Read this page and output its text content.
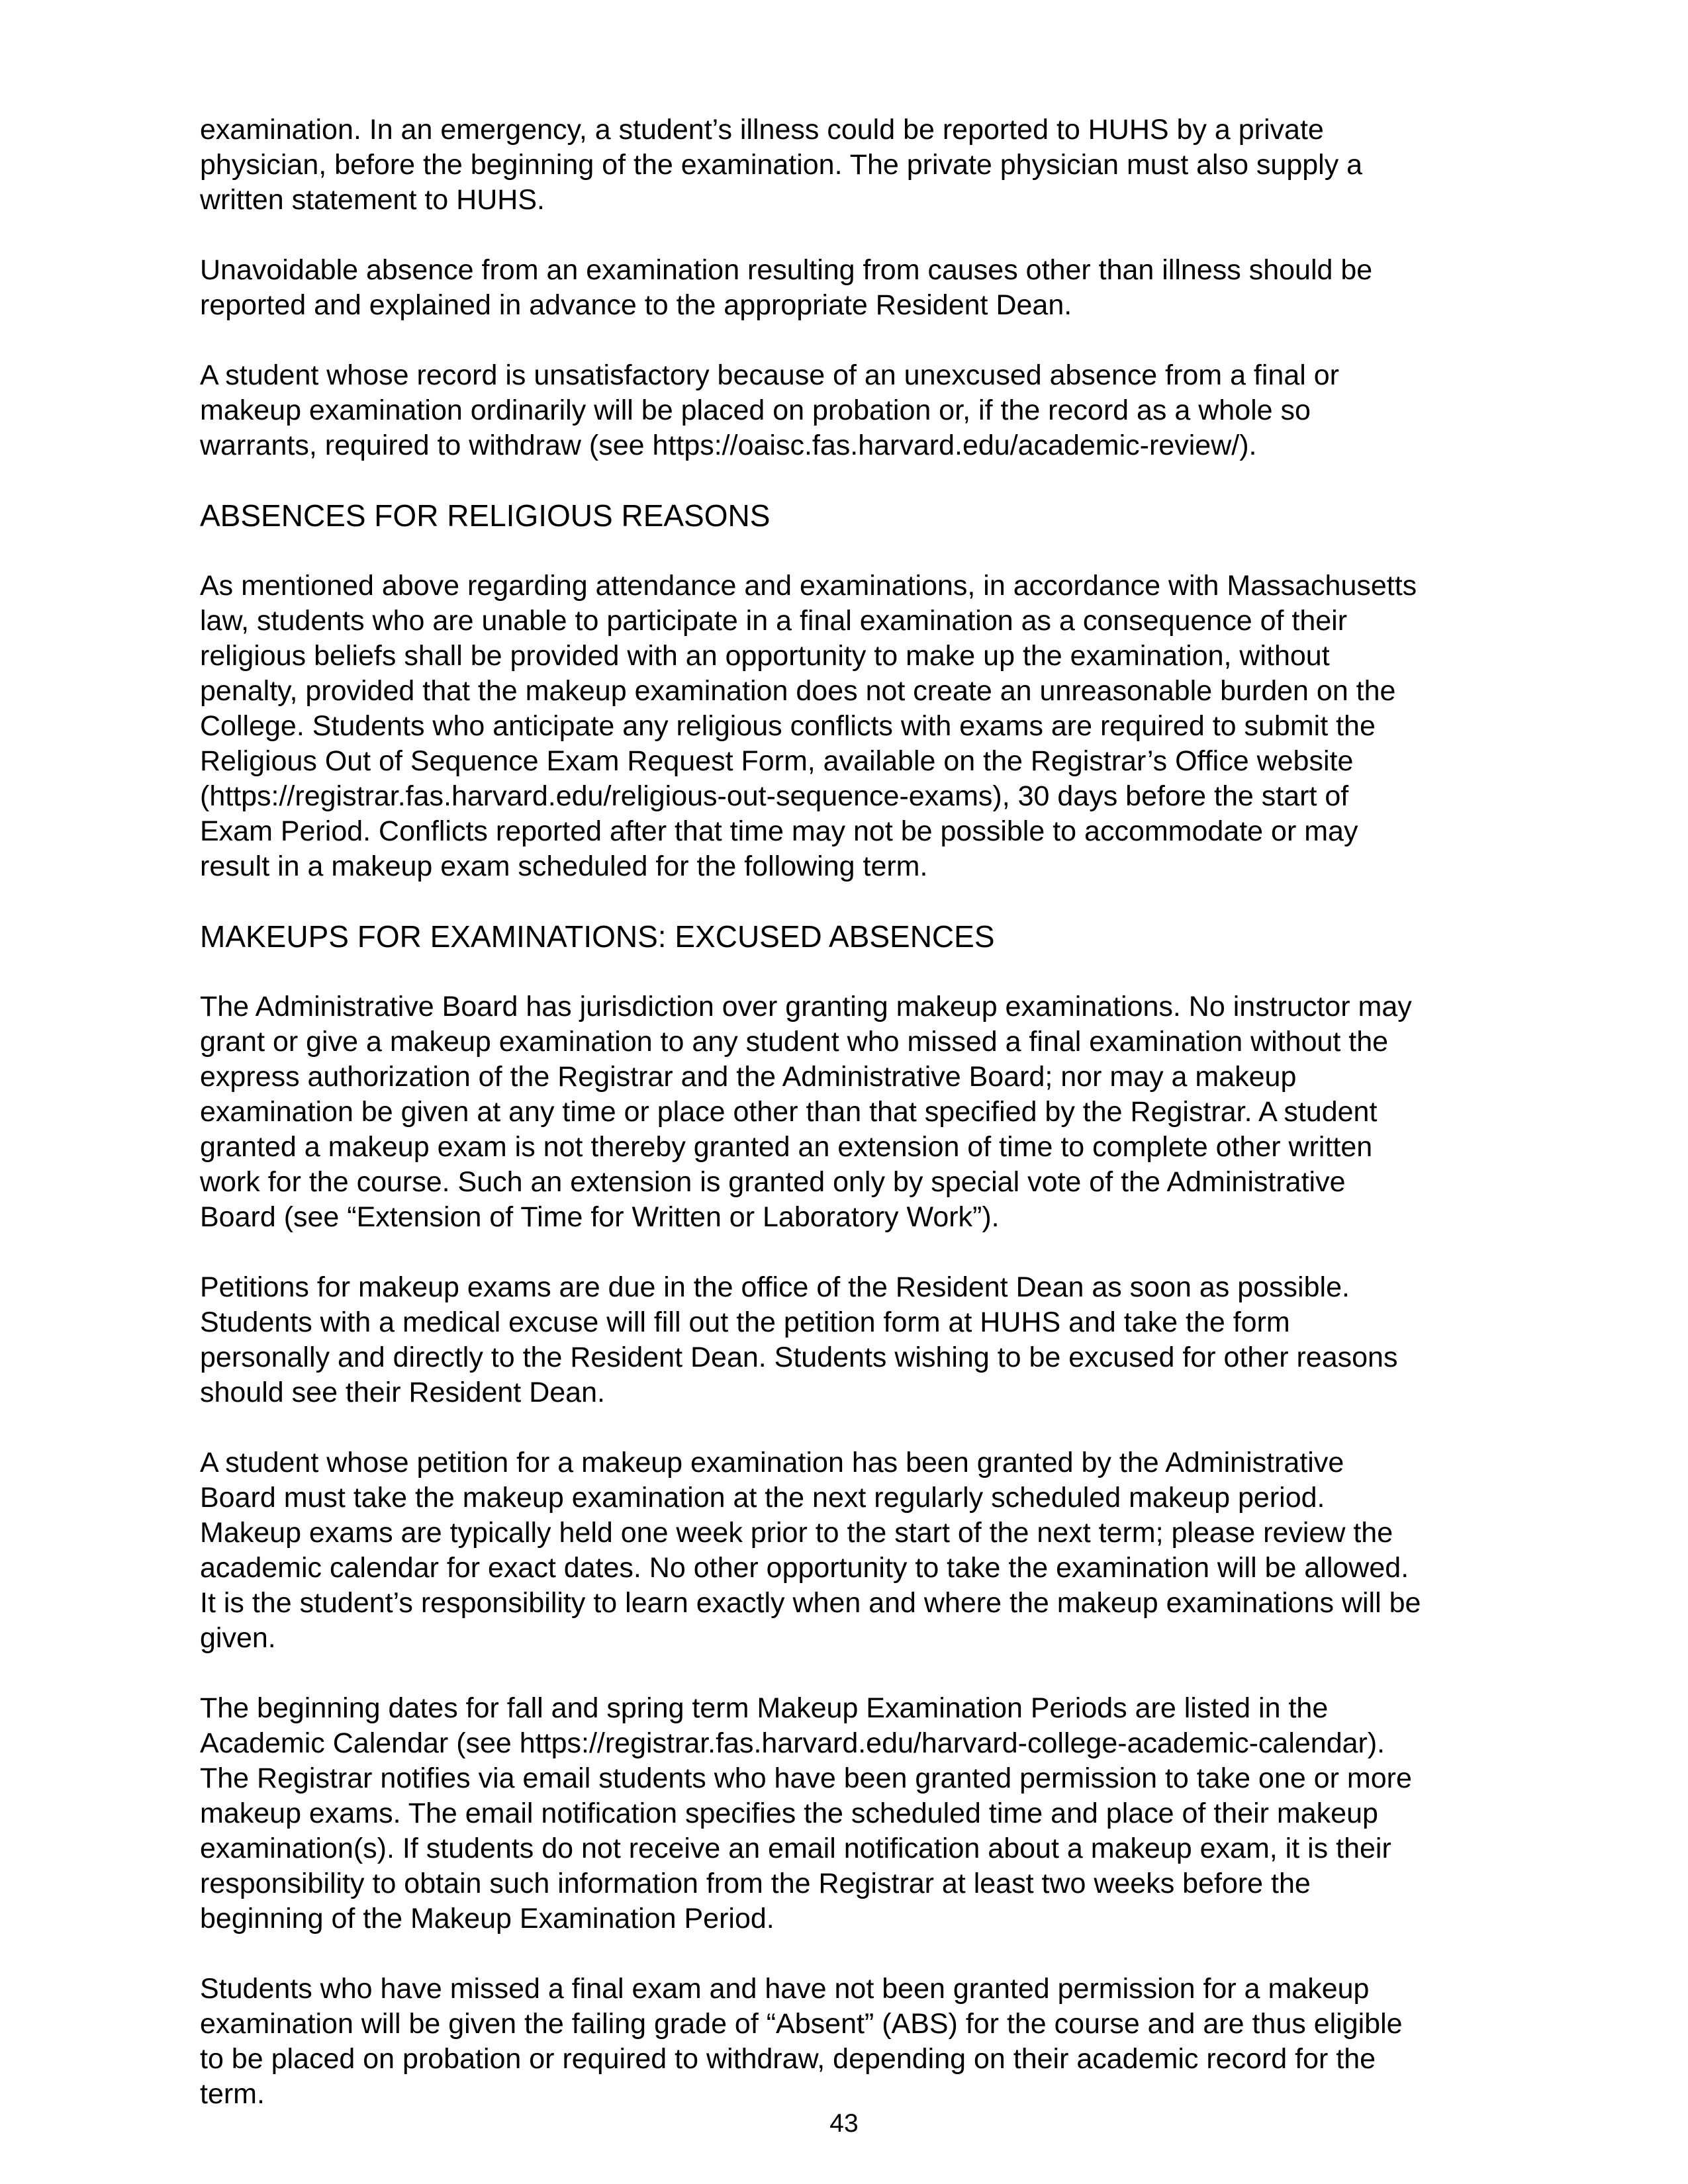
examination. In an emergency, a student’s illness could be reported to HUHS by a private
physician, before the beginning of the examination. The private physician must also supply a
written statement to HUHS.

Unavoidable absence from an examination resulting from causes other than illness should be
reported and explained in advance to the appropriate Resident Dean.

A student whose record is unsatisfactory because of an unexcused absence from a final or
makeup examination ordinarily will be placed on probation or, if the record as a whole so
warrants, required to withdraw (see https://oaisc.fas.harvard.edu/academic-review/).

ABSENCES FOR RELIGIOUS REASONS

As mentioned above regarding attendance and examinations, in accordance with Massachusetts
law, students who are unable to participate in a final examination as a consequence of their
religious beliefs shall be provided with an opportunity to make up the examination, without
penalty, provided that the makeup examination does not create an unreasonable burden on the
College. Students who anticipate any religious conflicts with exams are required to submit the
Religious Out of Sequence Exam Request Form, available on the Registrar’s Office website
(https://registrar.fas.harvard.edu/religious-out-sequence-exams), 30 days before the start of
Exam Period. Conflicts reported after that time may not be possible to accommodate or may
result in a makeup exam scheduled for the following term.

MAKEUPS FOR EXAMINATIONS: EXCUSED ABSENCES

The Administrative Board has jurisdiction over granting makeup examinations. No instructor may
grant or give a makeup examination to any student who missed a final examination without the
express authorization of the Registrar and the Administrative Board; nor may a makeup
examination be given at any time or place other than that specified by the Registrar. A student
granted a makeup exam is not thereby granted an extension of time to complete other written
work for the course. Such an extension is granted only by special vote of the Administrative
Board (see “Extension of Time for Written or Laboratory Work”).

Petitions for makeup exams are due in the office of the Resident Dean as soon as possible.
Students with a medical excuse will fill out the petition form at HUHS and take the form
personally and directly to the Resident Dean. Students wishing to be excused for other reasons
should see their Resident Dean.

A student whose petition for a makeup examination has been granted by the Administrative
Board must take the makeup examination at the next regularly scheduled makeup period.
Makeup exams are typically held one week prior to the start of the next term; please review the
academic calendar for exact dates. No other opportunity to take the examination will be allowed.
It is the student’s responsibility to learn exactly when and where the makeup examinations will be
given.

The beginning dates for fall and spring term Makeup Examination Periods are listed in the
Academic Calendar (see https://registrar.fas.harvard.edu/harvard-college-academic-calendar).
The Registrar notifies via email students who have been granted permission to take one or more
makeup exams. The email notification specifies the scheduled time and place of their makeup
examination(s). If students do not receive an email notification about a makeup exam, it is their
responsibility to obtain such information from the Registrar at least two weeks before the
beginning of the Makeup Examination Period.

Students who have missed a final exam and have not been granted permission for a makeup
examination will be given the failing grade of “Absent” (ABS) for the course and are thus eligible
to be placed on probation or required to withdraw, depending on their academic record for the
term.

43
